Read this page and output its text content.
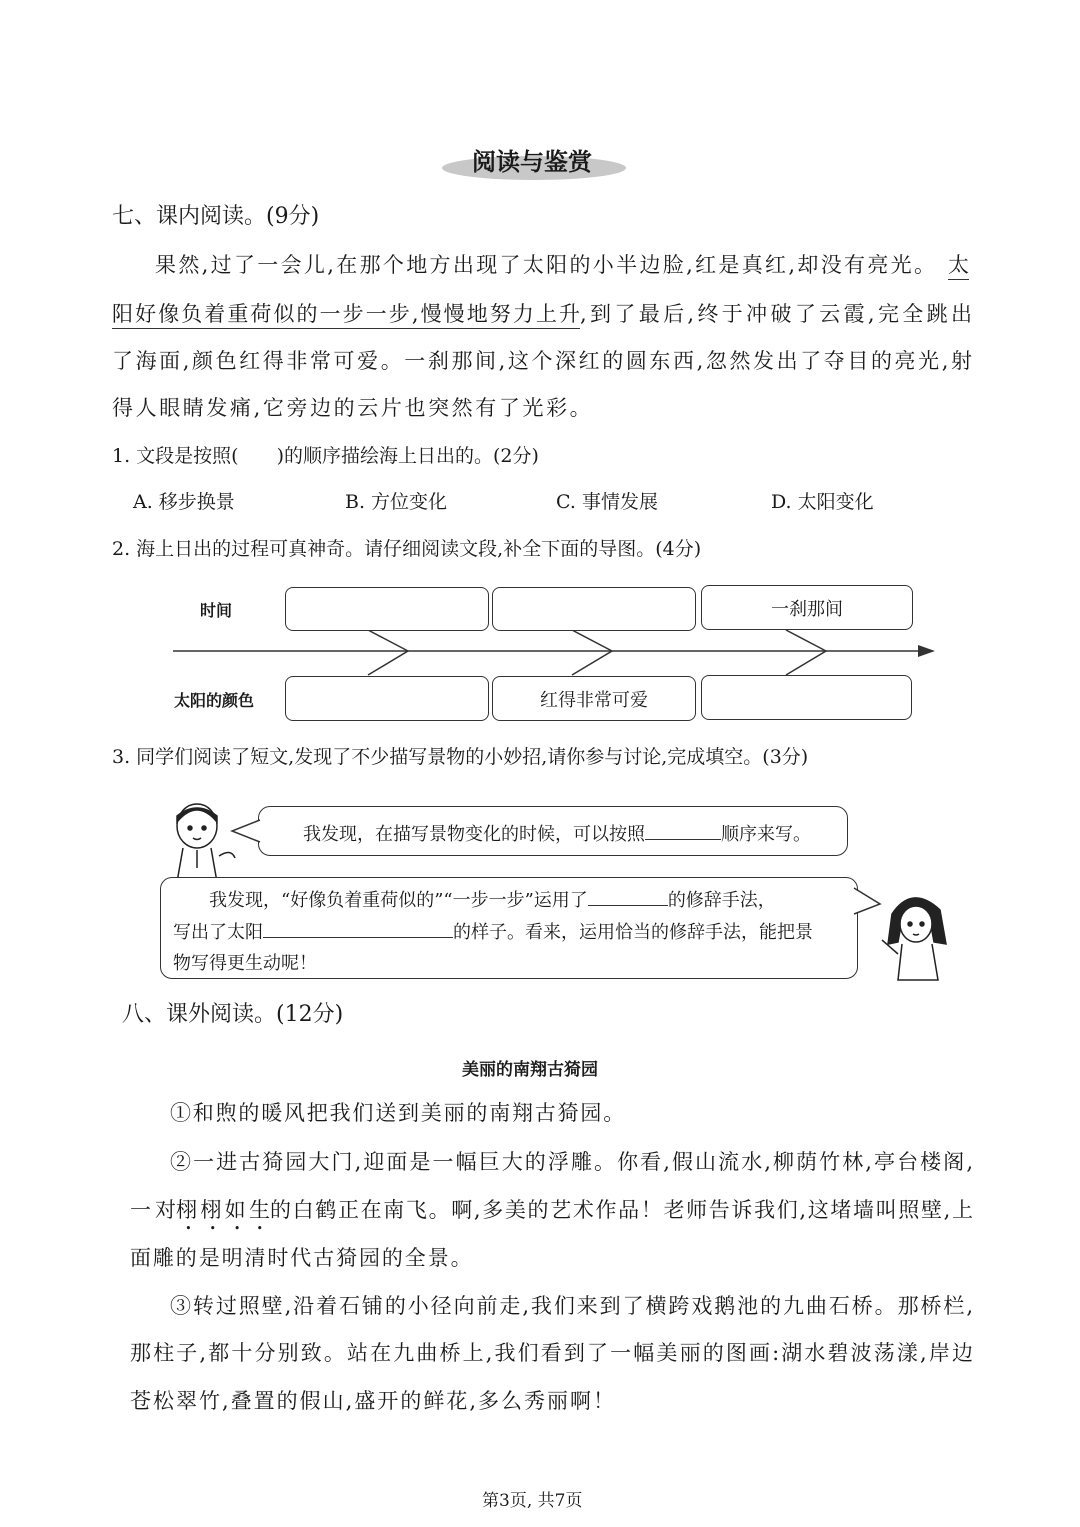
阅读与鉴赏
七、课内阅读。(9分)
果然,过了一会儿,在那个地方出现了太阳的小半边脸,红是真红,却没有亮光。 太
阳好像负着重荷似的一步一步,慢慢地努力上升 ,到了最后,终于冲破了云霞,完全跳出
了海面,颜色红得非常可爱。一刹那间,这个深红的圆东西,忽然发出了夺目的亮光,射
得人眼睛发痛,它旁边的云片也突然有了光彩。
1. 文段是按照(　　)的顺序描绘海上日出的。(2分)
A. 移步换景	B. 方位变化	C. 事情发展	D. 太阳变化
2. 海上日出的过程可真神奇。请仔细阅读文段,补全下面的导图。(4分)
时间
太阳的颜色
一刹那间
红得非常可爱
3. 同学们阅读了短文,发现了不少描写景物的小妙招,请你参与讨论,完成填空。(3分)
我发现，在描写景物变化的时候，可以按照	顺序来写。
我发现，“好像负着重荷似的”“一步一步”运用了	的修辞手法，
写出了太阳	的样子。看来，运用恰当的修辞手法，能把景
物写得更生动呢！
八、课外阅读。(12分)
美丽的南翔古猗园
①和煦的暖风把我们送到美丽的南翔古猗园。
②一进古猗园大门,迎面是一幅巨大的浮雕。你看,假山流水,柳荫竹林,亭台楼阁,
一对 栩栩如生 的白鹤正在南飞。啊,多美的艺术作品！老师告诉我们,这堵墙叫照壁,上
面雕的是明清时代古猗园的全景。
③转过照壁,沿着石铺的小径向前走,我们来到了横跨戏鹅池的九曲石桥。那桥栏,
那柱子,都十分别致。站在九曲桥上,我们看到了一幅美丽的图画:湖水碧波荡漾,岸边
苍松翠竹,叠置的假山,盛开的鲜花,多么秀丽啊！
第3页, 共7页
